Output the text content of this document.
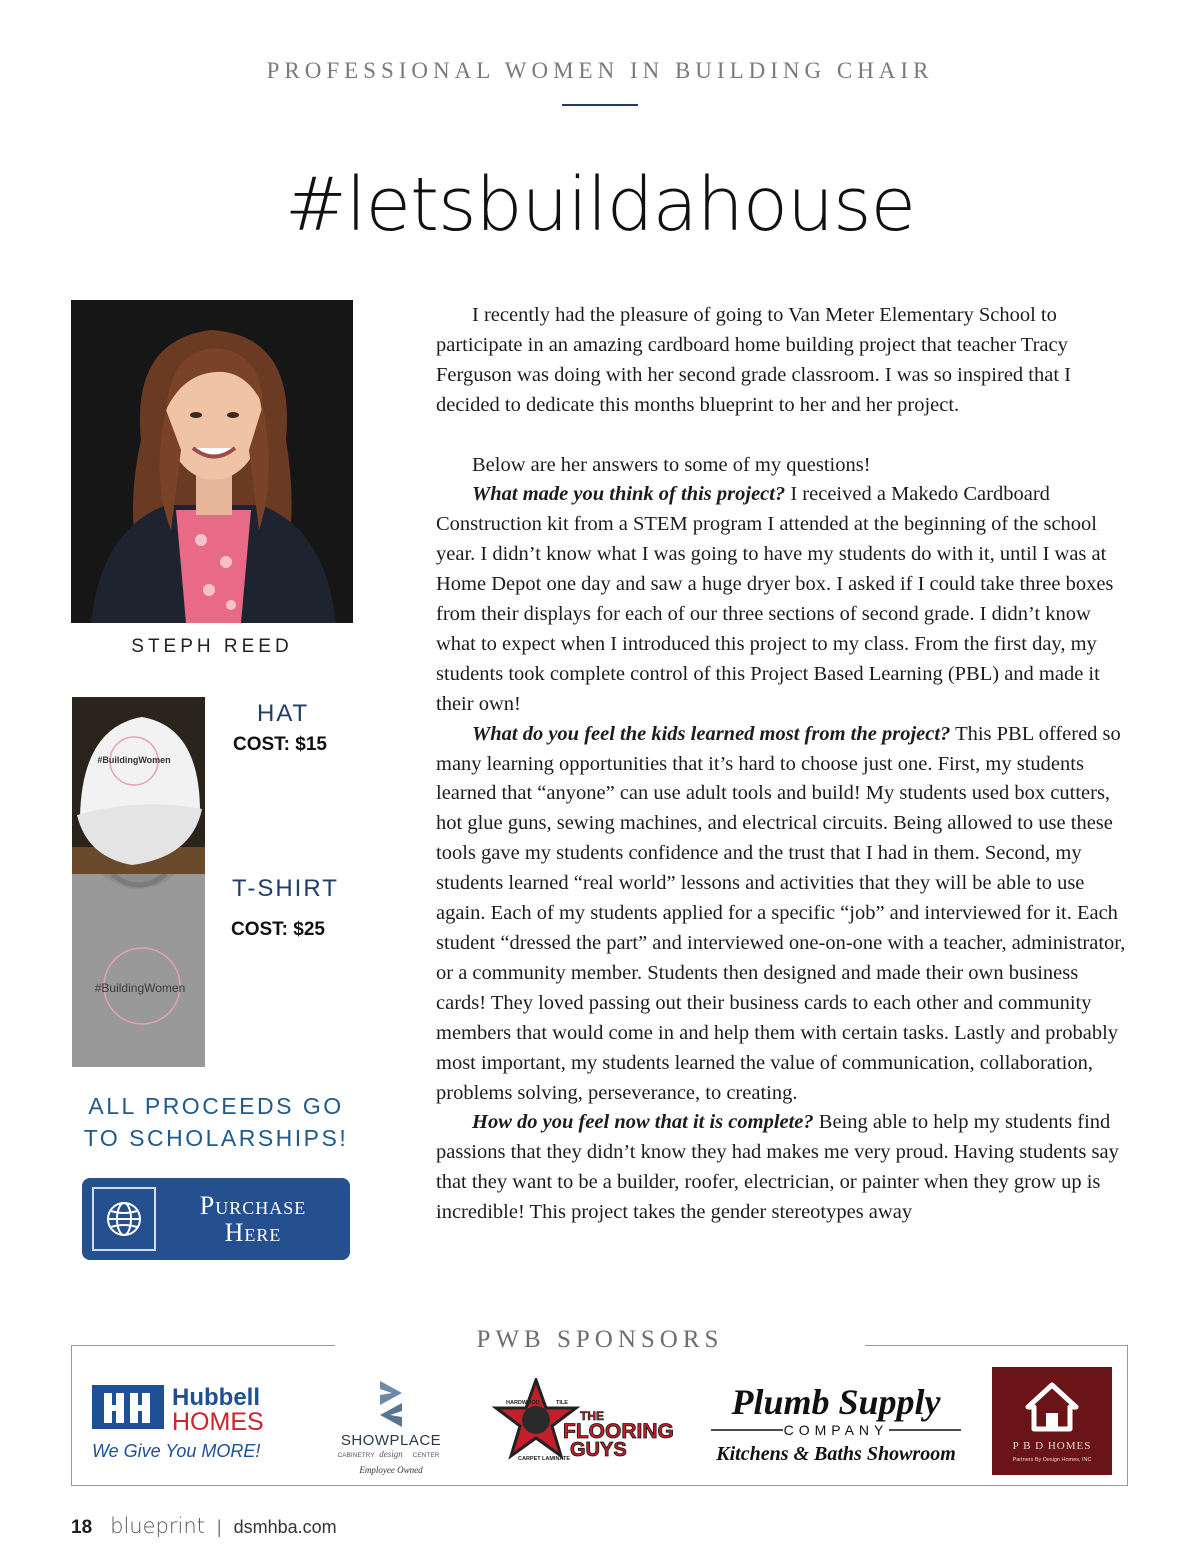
PROFESSIONAL WOMEN IN BUILDING CHAIR
#letsbuildahouse
STEPH REED
#BuildingWomen
HAT
COST: $15
#BuildingWomen
T-SHIRT
COST: $25
ALL PROCEEDS GO
TO SCHOLARSHIPS!
Purchase
Here

I recently had the pleasure of going to Van Meter Elementary School to participate in an amazing cardboard home building project that teacher Tracy Ferguson was doing with her second grade classroom. I was so inspired that I decided to dedicate this months blueprint to her and her project.

Below are her answers to some of my questions!

What made you think of this project? I received a Makedo Cardboard Construction kit from a STEM program I attended at the beginning of the school year. I didn’t know what I was going to have my students do with it, until I was at Home Depot one day and saw a huge dryer box. I asked if I could take three boxes from their displays for each of our three sections of second grade. I didn’t know what to expect when I introduced this project to my class. From the first day, my students took complete control of this Project Based Learning (PBL) and made it their own!

What do you feel the kids learned most from the project? This PBL offered so many learning opportunities that it’s hard to choose just one. First, my students learned that “anyone” can use adult tools and build! My students used box cutters, hot glue guns, sewing machines, and electrical circuits. Being allowed to use these tools gave my students confidence and the trust that I had in them. Second, my students learned “real world” lessons and activities that they will be able to use again. Each of my students applied for a specific “job” and interviewed for it. Each student “dressed the part” and interviewed one-on-one with a teacher, administrator, or a community member. Students then designed and made their own business cards! They loved passing out their business cards to each other and community members that would come in and help them with certain tasks. Lastly and probably most important, my students learned the value of communication, collaboration, problems solving, perseverance, to creating.

How do you feel now that it is complete? Being able to help my students find passions that they didn’t know they had makes me very proud. Having students say that they want to be a builder, roofer, electrician, or painter when they grow up is incredible! This project takes the gender stereotypes away

PWB SPONSORS
Hubbell
HOMES
We Give You MORE!
SHOWPLACE
CABINETRY design CENTER
Employee Owned
HARDWOOD	TILE
CARPET LAMINATE
THE
FLOORING
GUYS
Plumb Supply
COMPANY
Kitchens & Baths Showroom	P B D HOMES
Partners By Design Homes, INC
18 blueprint | dsmhba.com
